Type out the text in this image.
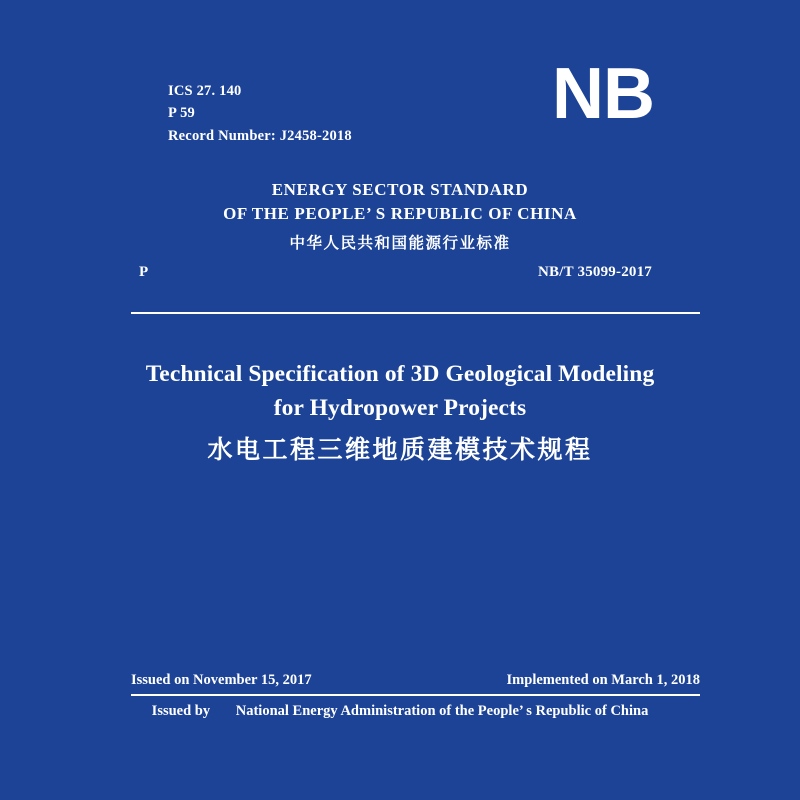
ICS 27. 140
P 59
Record Number: J2458-2018
NB
ENERGY SECTOR STANDARD
OF THE PEOPLE’ S REPUBLIC OF CHINA
中华人民共和国能源行业标准
P	NB/T 35099-2017
Technical Specification of 3D Geological Modeling
for Hydropower Projects
水电工程三维地质建模技术规程
Issued on November 15, 2017	Implemented on March 1, 2018
Issued by National Energy Administration of the People’ s Republic of China
